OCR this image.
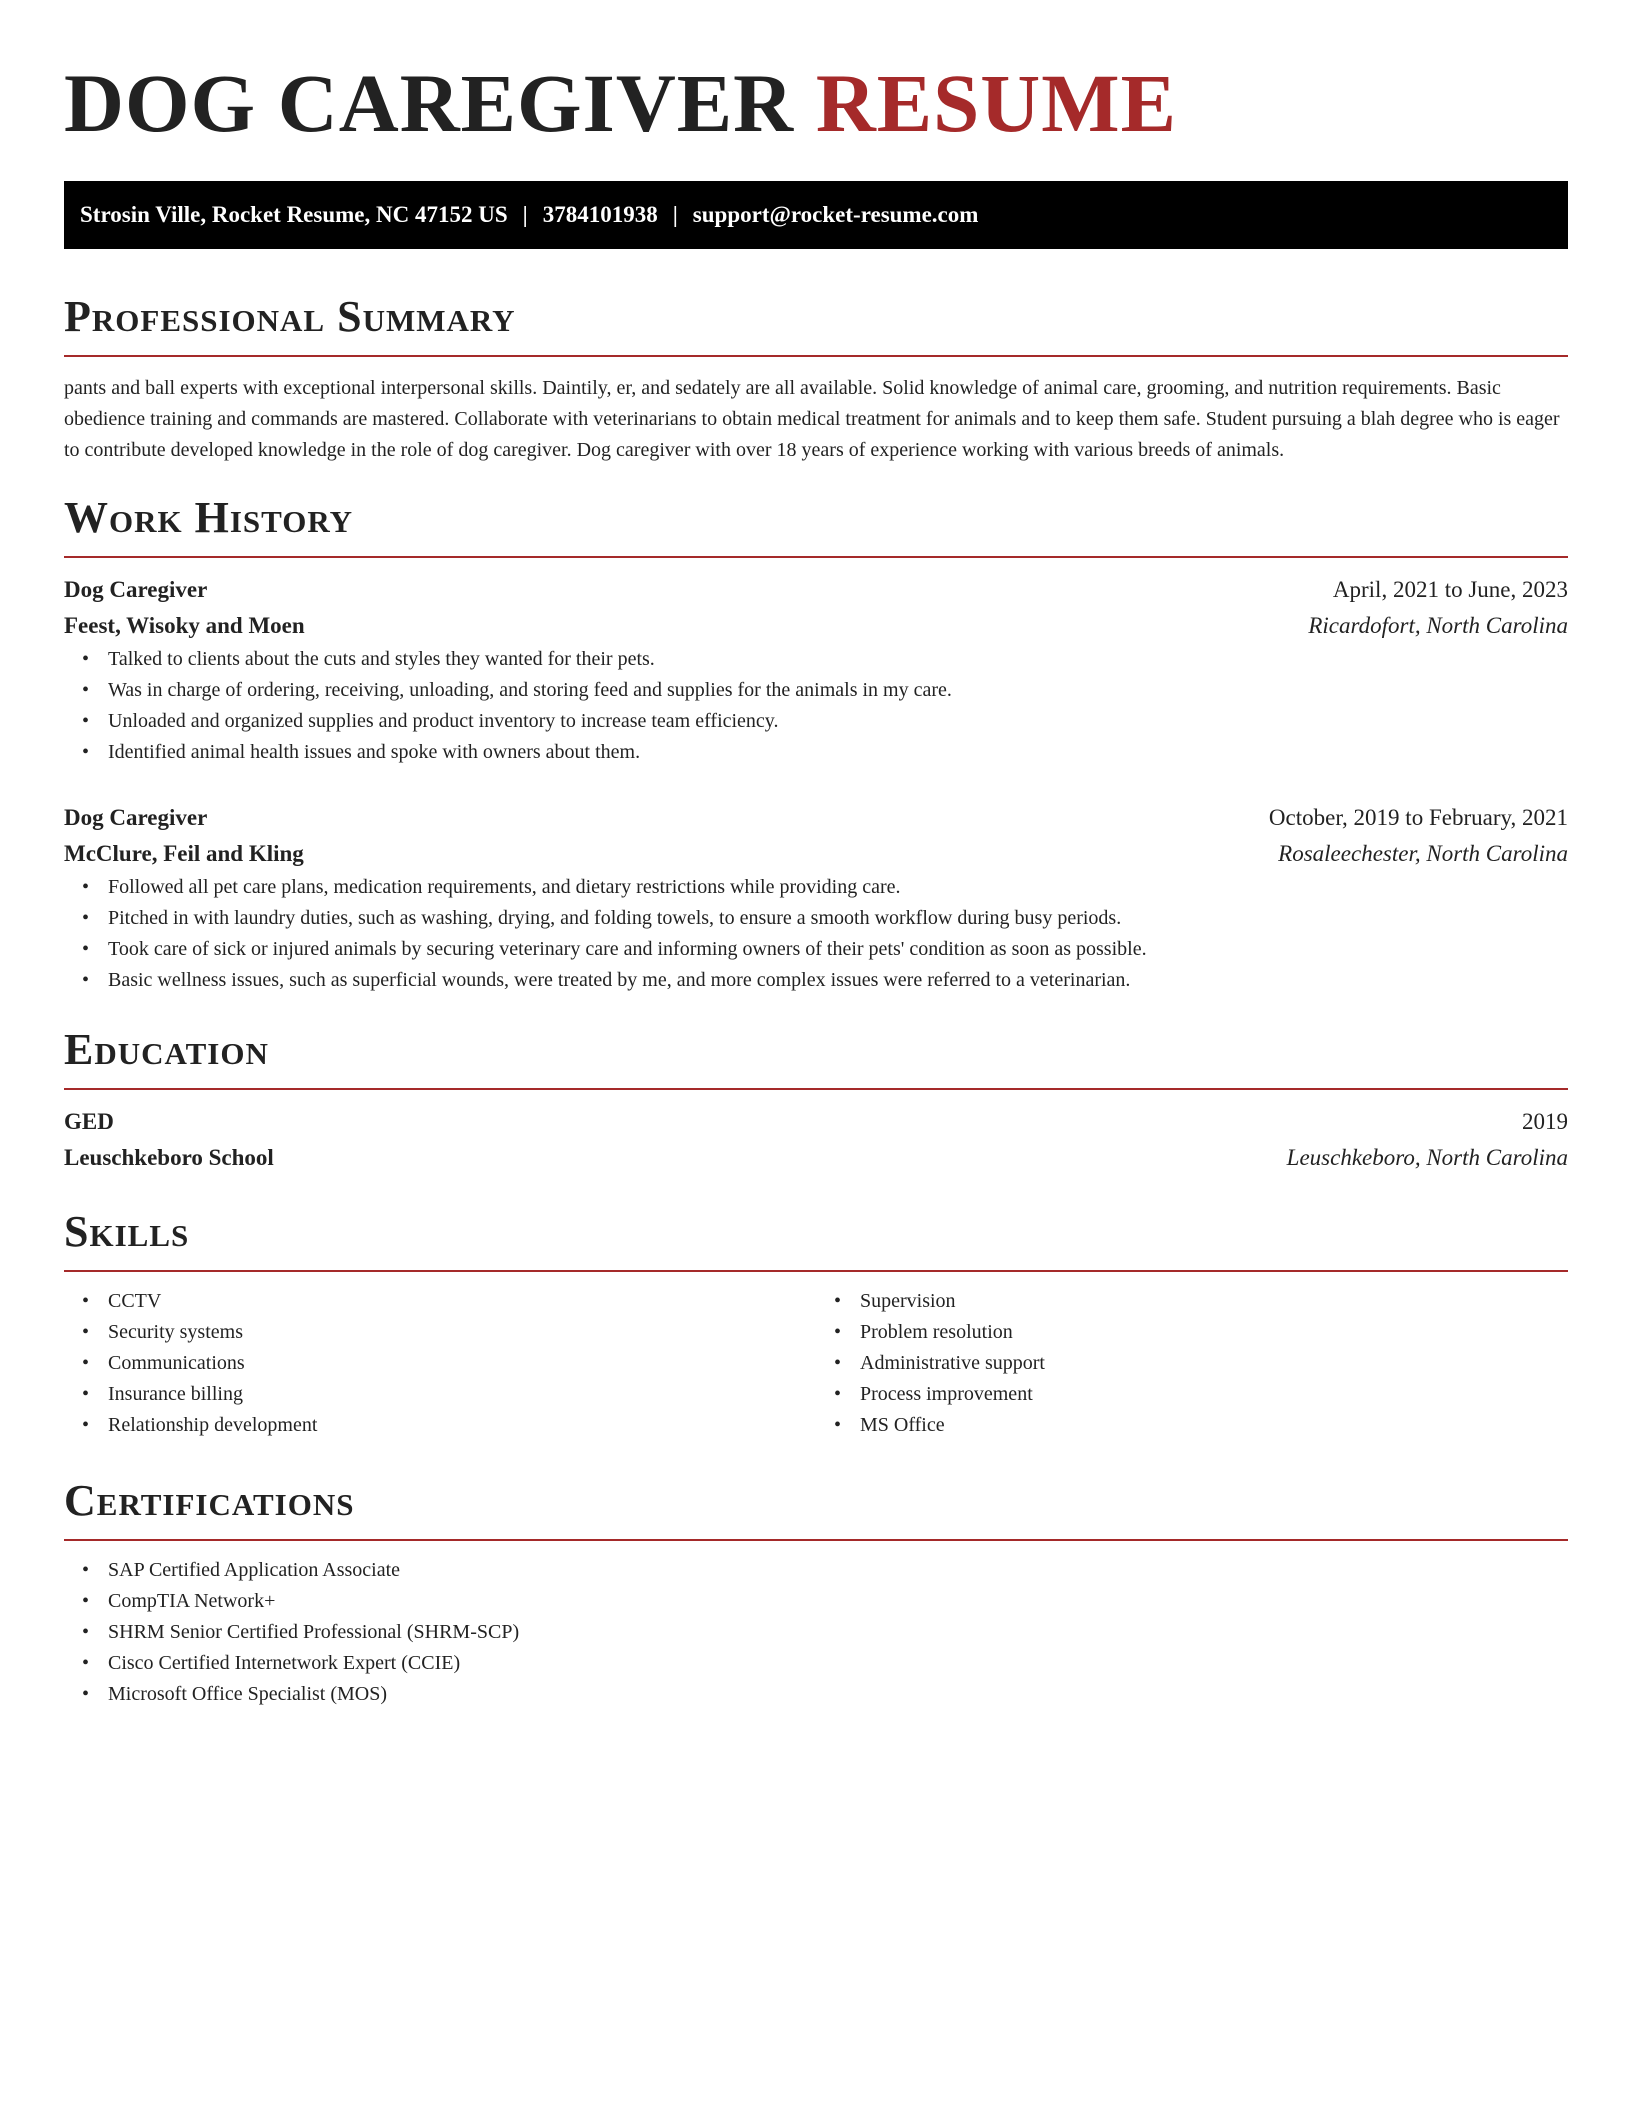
DOG CAREGIVER RESUME
Strosin Ville, Rocket Resume, NC 47152 US | 3784101938 | support@rocket-resume.com
Professional Summary

pants and ball experts with exceptional interpersonal skills. Daintily, er, and sedately are all available. Solid knowledge of animal care, grooming, and nutrition requirements. Basic obedience training and commands are mastered. Collaborate with veterinarians to obtain medical treatment for animals and to keep them safe. Student pursuing a blah degree who is eager to contribute developed knowledge in the role of dog caregiver. Dog caregiver with over 18 years of experience working with various breeds of animals.

Work History
Dog Caregiver	April, 2021 to June, 2023
Feest, Wisoky and Moen	Ricardofort, North Carolina
• Talked to clients about the cuts and styles they wanted for their pets.
• Was in charge of ordering, receiving, unloading, and storing feed and supplies for the animals in my care.
• Unloaded and organized supplies and product inventory to increase team efficiency.
• Identified animal health issues and spoke with owners about them.
Dog Caregiver	October, 2019 to February, 2021
McClure, Feil and Kling	Rosaleechester, North Carolina
• Followed all pet care plans, medication requirements, and dietary restrictions while providing care.
• Pitched in with laundry duties, such as washing, drying, and folding towels, to ensure a smooth workflow during busy periods.
• Took care of sick or injured animals by securing veterinary care and informing owners of their pets' condition as soon as possible.
• Basic wellness issues, such as superficial wounds, were treated by me, and more complex issues were referred to a veterinarian.
Education
GED	2019
Leuschkeboro School	Leuschkeboro, North Carolina
Skills
• CCTV
• Security systems
• Communications
• Insurance billing
• Relationship development
• Supervision
• Problem resolution
• Administrative support
• Process improvement
• MS Office
Certifications
• SAP Certified Application Associate
• CompTIA Network+
• SHRM Senior Certified Professional (SHRM-SCP)
• Cisco Certified Internetwork Expert (CCIE)
• Microsoft Office Specialist (MOS)
